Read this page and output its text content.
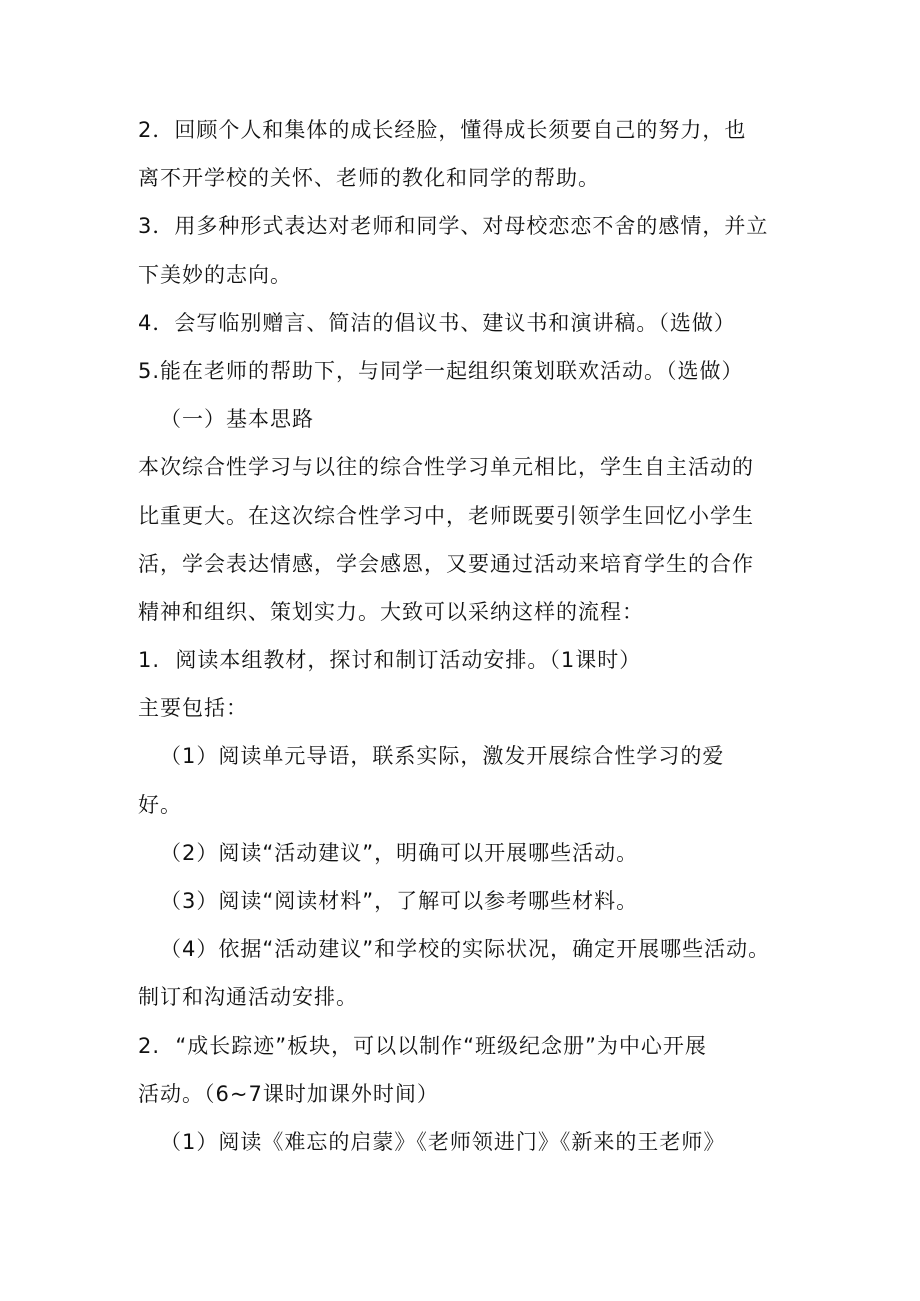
2．回顾个人和集体的成长经脸，懂得成长须要自己的努力，也
离不开学校的关怀、老师的教化和同学的帮助。
3．用多种形式表达对老师和同学、对母校恋恋不舍的感情，并立
下美妙的志向。
4．会写临别赠言、简洁的倡议书、建议书和演讲稿。（选做）
5.能在老师的帮助下，与同学一起组织策划联欢活动。（选做）
（一）基本思路
本次综合性学习与以往的综合性学习单元相比，学生自主活动的
比重更大。在这次综合性学习中，老师既要引领学生回忆小学生
活，学会表达情感，学会感恩，又要通过活动来培育学生的合作
精神和组织、策划实力。大致可以采纳这样的流程：
1.  阅读本组教材，探讨和制订活动安排。（1课时）
主要包括：
（1）阅读单元导语，联系实际，激发开展综合性学习的爱
好。
（2）阅读“活动建议”，明确可以开展哪些活动。
（3）阅读“阅读材料”，了解可以参考哪些材料。
（4）依据“活动建议”和学校的实际状况，确定开展哪些活动。
制订和沟通活动安排。
2.  “成长踪迹”板块，可以以制作“班级纪念册”为中心开展
活动。（6~7课时加课外时间）
（1）阅读《难忘的启蒙》《老师领进门》《新来的王老师》
